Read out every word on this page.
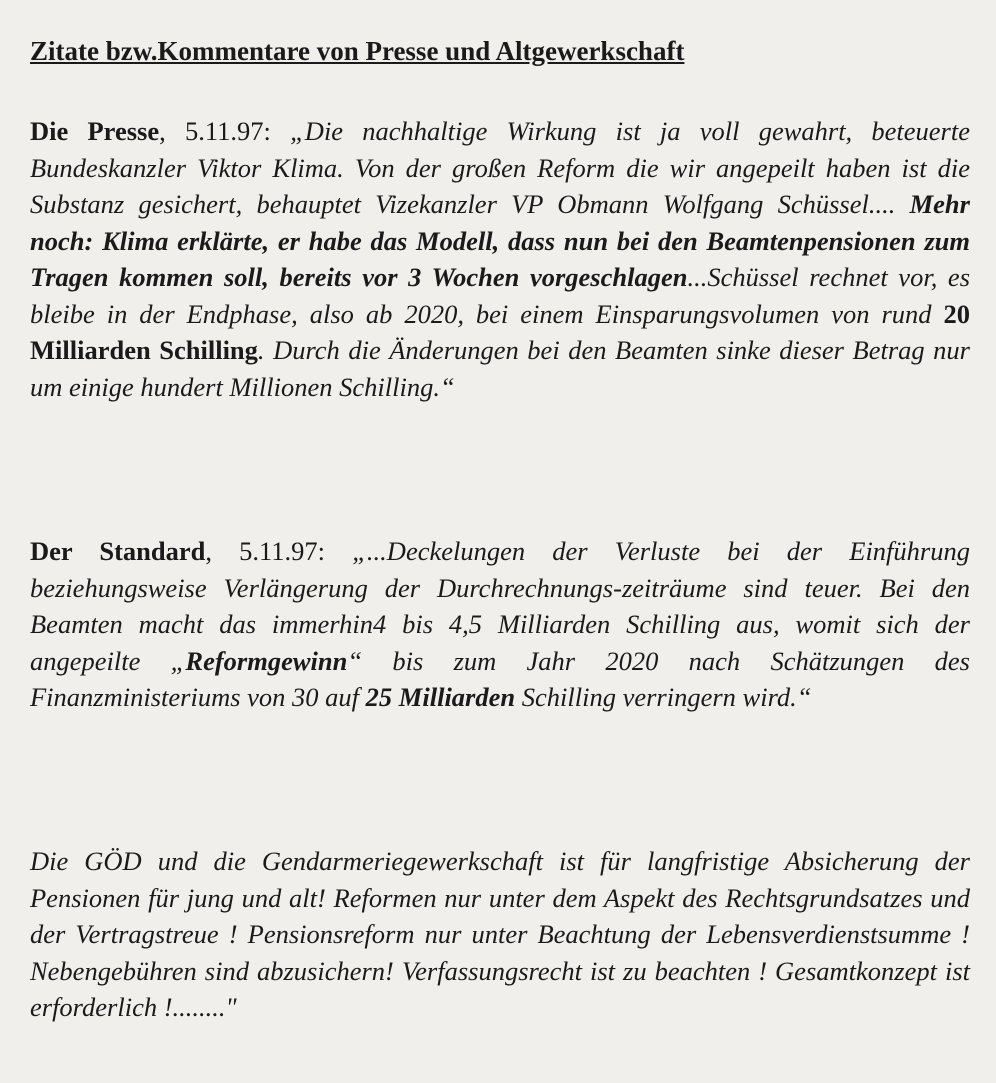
Zitate bzw.Kommentare von Presse und Altgewerkschaft
Die Presse, 5.11.97: „Die nachhaltige Wirkung ist ja voll gewahrt, beteuerte Bundeskanzler Viktor Klima. Von der großen Reform die wir angepeilt haben ist die Substanz gesichert, behauptet Vizekanzler VP Obmann Wolfgang Schüssel.... Mehr noch: Klima erklärte, er habe das Modell, dass nun bei den Beamtenpensionen zum Tragen kommen soll, bereits vor 3 Wochen vorgeschlagen...Schüssel rechnet vor, es bleibe in der Endphase, also ab 2020, bei einem Einsparungsvolumen von rund 20 Milliarden Schilling. Durch die Änderungen bei den Beamten sinke dieser Betrag nur um einige hundert Millionen Schilling.“
Der Standard, 5.11.97: „...Deckelungen der Verluste bei der Einführung beziehungsweise Verlängerung der Durchrechnungs-zeiträume sind teuer. Bei den Beamten macht das immerhin4 bis 4,5 Milliarden Schilling aus, womit sich der angepeilte „Reformgewinn“ bis zum Jahr 2020 nach Schätzungen des Finanzministeriums von 30 auf 25 Milliarden Schilling verringern wird.“
Die GÖD und die Gendarmeriegewerkschaft ist für langfristige Absicherung der Pensionen für jung und alt! Reformen nur unter dem Aspekt des Rechtsgrundsatzes und der Vertragstreue ! Pensionsreform nur unter Beachtung der Lebensverdienstsumme ! Nebengebühren sind abzusichern! Verfassungsrecht ist zu beachten ! Gesamtkonzept ist erforderlich !........"
